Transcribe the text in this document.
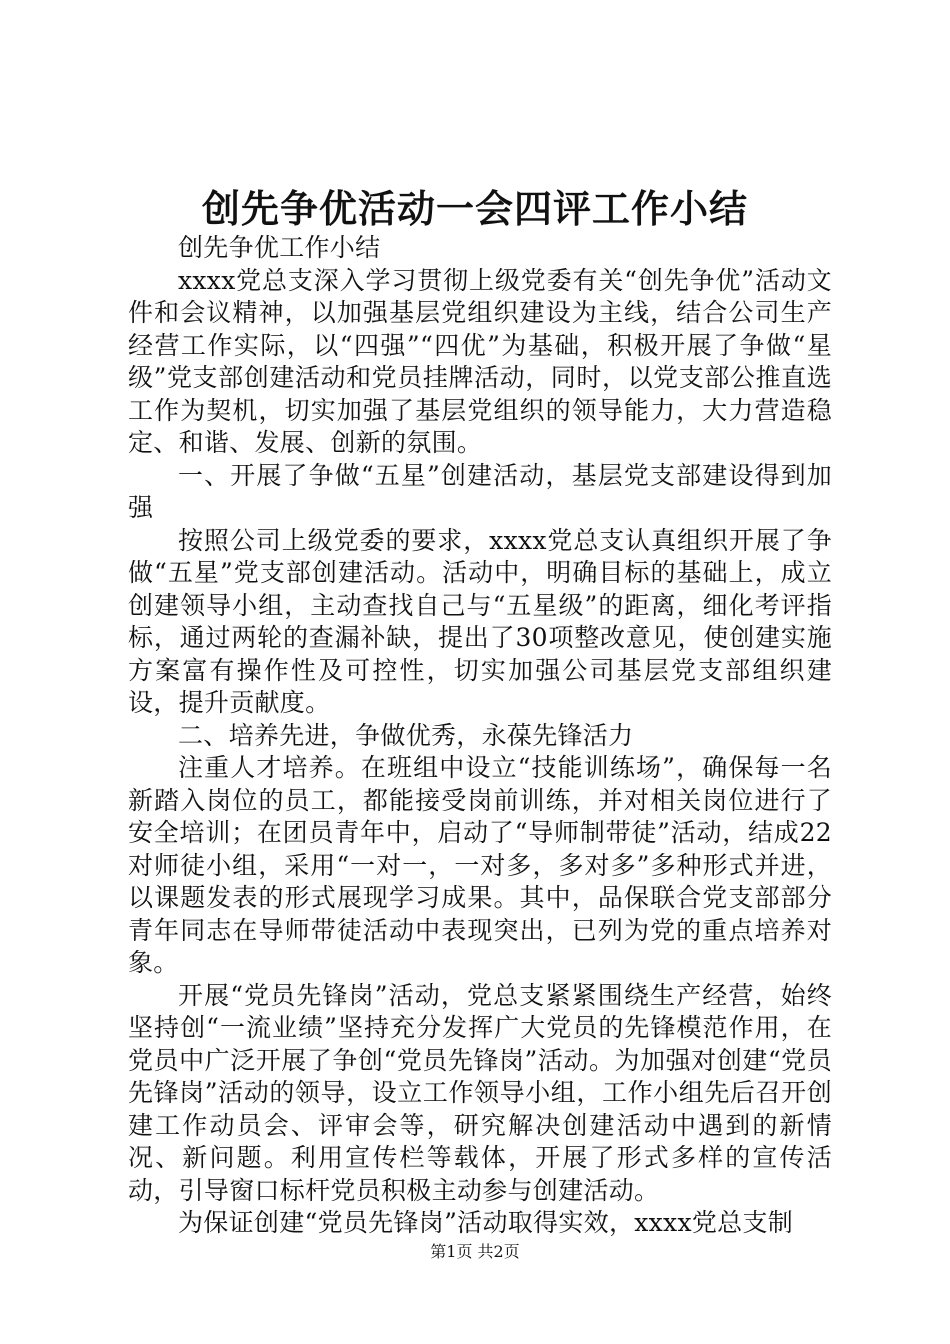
创先争优活动一会四评工作小结

创先争优工作小结

xxxx党总支深入学习贯彻上级党委有关“创先争优”活动文件和会议精神，以加强基层党组织建设为主线，结合公司生产经营工作实际，以“四强”“四优”为基础，积极开展了争做“星级”党支部创建活动和党员挂牌活动，同时，以党支部公推直选工作为契机，切实加强了基层党组织的领导能力，大力营造稳定、和谐、发展、创新的氛围。

一、开展了争做“五星”创建活动，基层党支部建设得到加强

按照公司上级党委的要求，xxxx党总支认真组织开展了争做“五星”党支部创建活动。活动中，明确目标的基础上，成立创建领导小组，主动查找自己与“五星级”的距离，细化考评指标，通过两轮的查漏补缺，提出了30项整改意见，使创建实施方案富有操作性及可控性，切实加强公司基层党支部组织建设，提升贡献度。

二、培养先进，争做优秀，永葆先锋活力

注重人才培养。在班组中设立“技能训练场”，确保每一名新踏入岗位的员工，都能接受岗前训练，并对相关岗位进行了安全培训；在团员青年中，启动了“导师制带徒”活动，结成22对师徒小组，采用“一对一，一对多，多对多”多种形式并进，以课题发表的形式展现学习成果。其中，品保联合党支部部分青年同志在导师带徒活动中表现突出，已列为党的重点培养对象。

开展“党员先锋岗”活动，党总支紧紧围绕生产经营，始终坚持创“一流业绩”坚持充分发挥广大党员的先锋模范作用，在党员中广泛开展了争创“党员先锋岗”活动。为加强对创建“党员先锋岗”活动的领导，设立工作领导小组，工作小组先后召开创建工作动员会、评审会等，研究解决创建活动中遇到的新情况、新问题。利用宣传栏等载体，开展了形式多样的宣传活动，引导窗口标杆党员积极主动参与创建活动。

为保证创建“党员先锋岗”活动取得实效，xxxx党总支制

第1页 共2页
